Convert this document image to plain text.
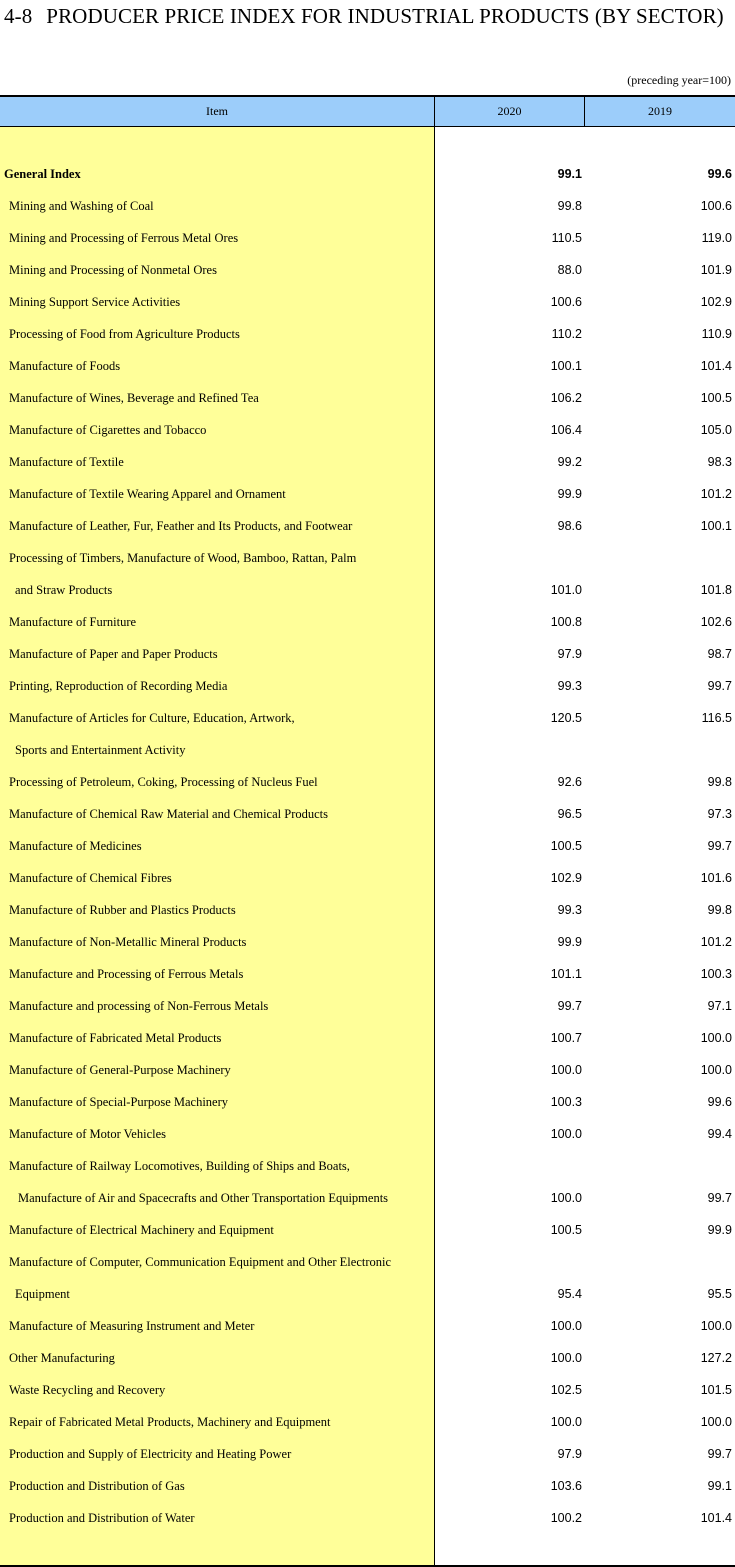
4-8 PRODUCER PRICE INDEX FOR INDUSTRIAL PRODUCTS (BY SECTOR)
(preceding year=100)
Item	2020	2019
General Index	99.1	99.6
Mining and Washing of Coal	99.8	100.6
Mining and Processing of Ferrous Metal Ores	110.5	119.0
Mining and Processing of Nonmetal Ores	88.0	101.9
Mining Support Service Activities	100.6	102.9
Processing of Food from Agriculture Products	110.2	110.9
Manufacture of Foods	100.1	101.4
Manufacture of Wines, Beverage and Refined Tea	106.2	100.5
Manufacture of Cigarettes and Tobacco	106.4	105.0
Manufacture of Textile	99.2	98.3
Manufacture of Textile Wearing Apparel and Ornament	99.9	101.2
Manufacture of Leather, Fur, Feather and Its Products, and Footwear	98.6	100.1
Processing of Timbers, Manufacture of Wood, Bamboo, Rattan, Palm
and Straw Products	101.0	101.8
Manufacture of Furniture	100.8	102.6
Manufacture of Paper and Paper Products	97.9	98.7
Printing, Reproduction of Recording Media	99.3	99.7
Manufacture of Articles for Culture, Education, Artwork,	120.5	116.5
Sports and Entertainment Activity
Processing of Petroleum, Coking, Processing of Nucleus Fuel	92.6	99.8
Manufacture of Chemical Raw Material and Chemical Products	96.5	97.3
Manufacture of Medicines	100.5	99.7
Manufacture of Chemical Fibres	102.9	101.6
Manufacture of Rubber and Plastics Products	99.3	99.8
Manufacture of Non-Metallic Mineral Products	99.9	101.2
Manufacture and Processing of Ferrous Metals	101.1	100.3
Manufacture and processing of Non-Ferrous Metals	99.7	97.1
Manufacture of Fabricated Metal Products	100.7	100.0
Manufacture of General-Purpose Machinery	100.0	100.0
Manufacture of Special-Purpose Machinery	100.3	99.6
Manufacture of Motor Vehicles	100.0	99.4
Manufacture of Railway Locomotives, Building of Ships and Boats,
Manufacture of Air and Spacecrafts and Other Transportation Equipments	100.0	99.7
Manufacture of Electrical Machinery and Equipment	100.5	99.9
Manufacture of Computer, Communication Equipment and Other Electronic
Equipment	95.4	95.5
Manufacture of Measuring Instrument and Meter	100.0	100.0
Other Manufacturing	100.0	127.2
Waste Recycling and Recovery	102.5	101.5
Repair of Fabricated Metal Products, Machinery and Equipment	100.0	100.0
Production and Supply of Electricity and Heating Power	97.9	99.7
Production and Distribution of Gas	103.6	99.1
Production and Distribution of Water	100.2	101.4
